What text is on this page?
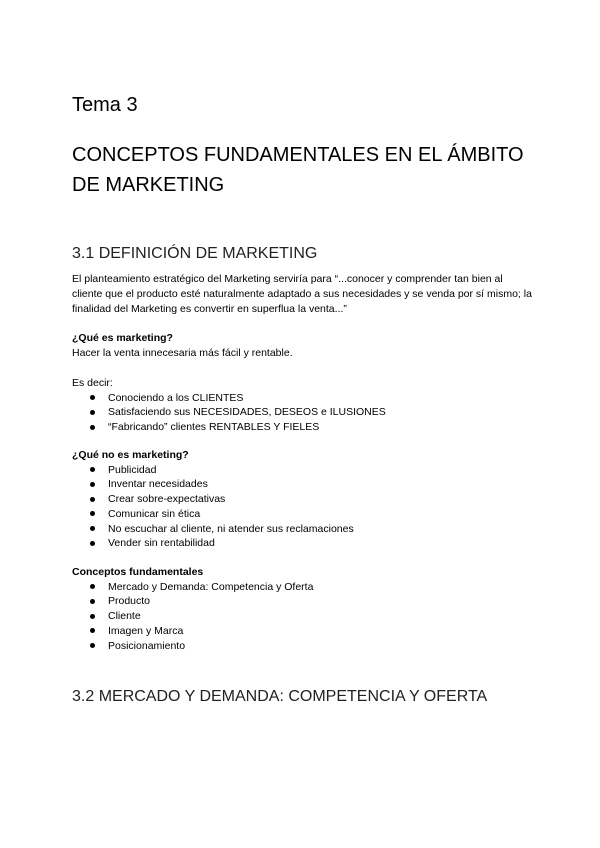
Tema 3
CONCEPTOS FUNDAMENTALES EN EL ÁMBITO DE MARKETING
3.1 DEFINICIÓN DE MARKETING

El planteamiento estratégico del Marketing serviría para “...conocer y comprender tan bien al cliente que el producto esté naturalmente adaptado a sus necesidades y se venda por sí mismo; la finalidad del Marketing es convertir en superflua la venta...”

¿Qué es marketing?

Hacer la venta innecesaria más fácil y rentable.

Es decir:

Conociendo a los CLIENTES
Satisfaciendo sus NECESIDADES, DESEOS e ILUSIONES
“Fabricando” clientes RENTABLES Y FIELES

¿Qué no es marketing?

Publicidad
Inventar necesidades
Crear sobre-expectativas
Comunicar sin ética
No escuchar al cliente, ni atender sus reclamaciones
Vender sin rentabilidad

Conceptos fundamentales

Mercado y Demanda: Competencia y Oferta
Producto
Cliente
Imagen y Marca
Posicionamiento
3.2 MERCADO Y DEMANDA: COMPETENCIA Y OFERTA
